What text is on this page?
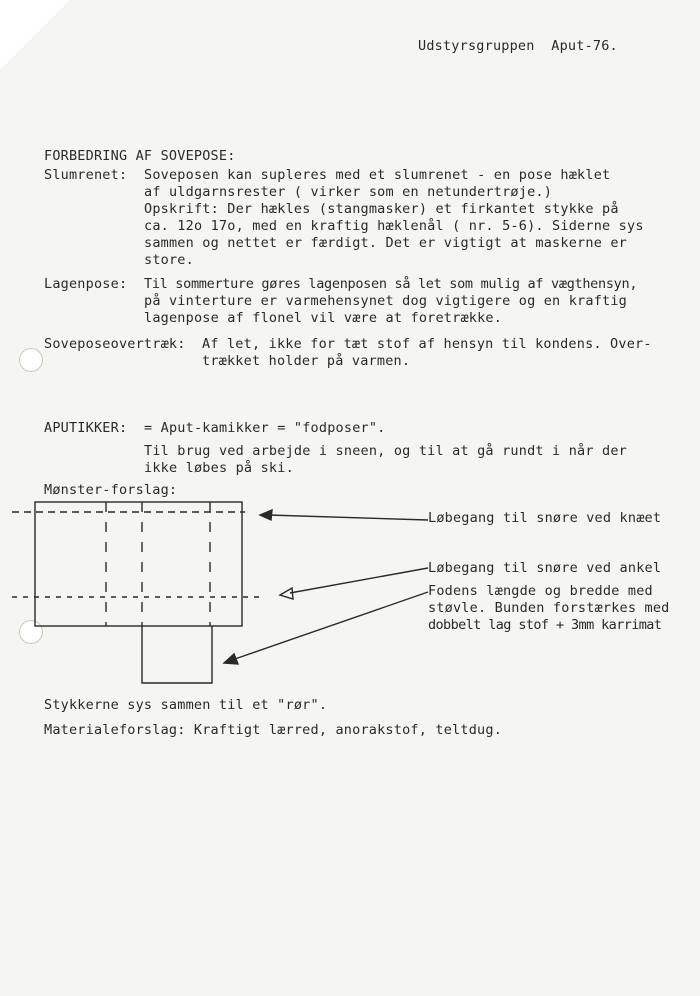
Udstyrsgruppen  Aput-76.
FORBEDRING AF SOVEPOSE:
Slumrenet: Soveposen kan supleres med et slumrenet - en pose hæklet
af uldgarnsrester ( virker som en netundertrøje.)
Opskrift: Der hækles (stangmasker) et firkantet stykke på
ca. 12o 17o, med en kraftig hæklenål ( nr. 5-6). Siderne sys
sammen og nettet er færdigt. Det er vigtigt at maskerne er
store.
Lagenpose: Til sommerture gøres lagenposen så let som mulig af vægthensyn,
på vinterture er varmehensynet dog vigtigere og en kraftig
lagenpose af flonel vil være at foretrække.
Soveposeovertræk: Af let, ikke for tæt stof af hensyn til kondens. Over-
trækket holder på varmen.
APUTIKKER: = Aput-kamikker = "fodposer".
Til brug ved arbejde i sneen, og til at gå rundt i når der
ikke løbes på ski.
Mønster-forslag:
Løbegang til snøre ved knæet
Løbegang til snøre ved ankel
Fodens længde og bredde med
støvle. Bunden forstærkes med
dobbelt lag stof + 3mm karrimat
Stykkerne sys sammen til et "rør".
Materialeforslag: Kraftigt lærred, anorakstof, teltdug.
